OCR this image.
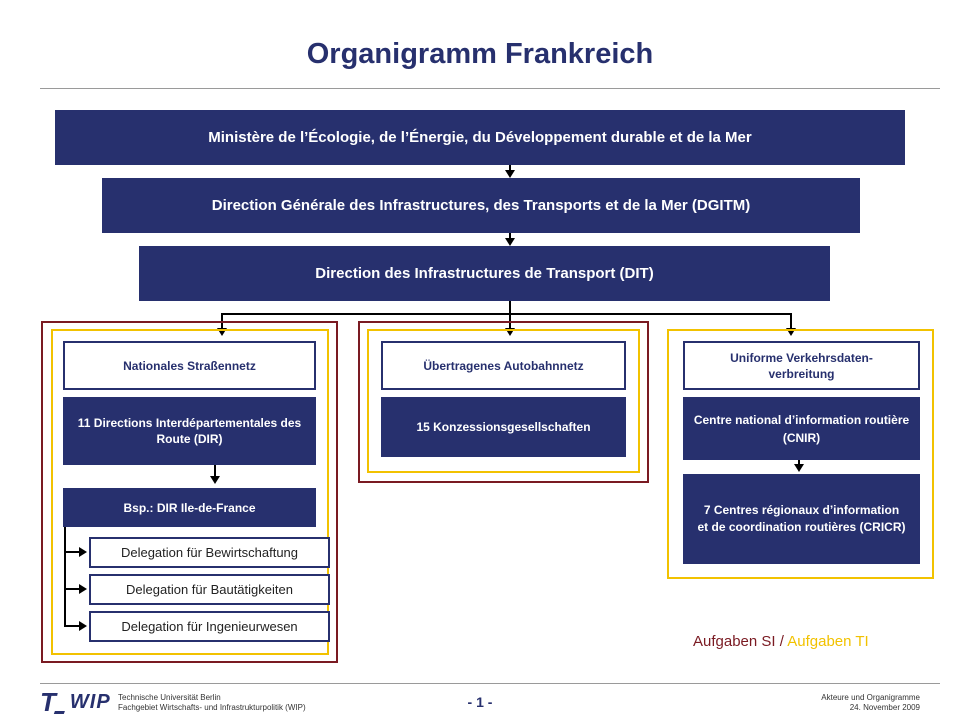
Organigramm Frankreich
Ministère de l’Écologie, de l’Énergie, du Développement durable et de la Mer
Direction Générale des Infrastructures, des Transports et de la Mer (DGITM)
Direction des Infrastructures de Transport (DIT)
Nationales Straßennetz
11 Directions Interdépartementales des Route (DIR)
Bsp.: DIR Ile-de-France
Delegation für Bewirtschaftung
Delegation für Bautätigkeiten
Delegation für Ingenieurwesen
Übertragenes Autobahnnetz
15 Konzessionsgesellschaften
Uniforme Verkehrsdaten-verbreitung
Centre national d’information routière (CNIR)
7 Centres régionaux d’information et de coordination routières (CRICR)
Aufgaben SI / Aufgaben TI
T WIP Technische Universität Berlin
Fachgebiet Wirtschafts- und Infrastrukturpolitik (WIP)	- 1 -	Akteure und Organigramme
24. November 2009
